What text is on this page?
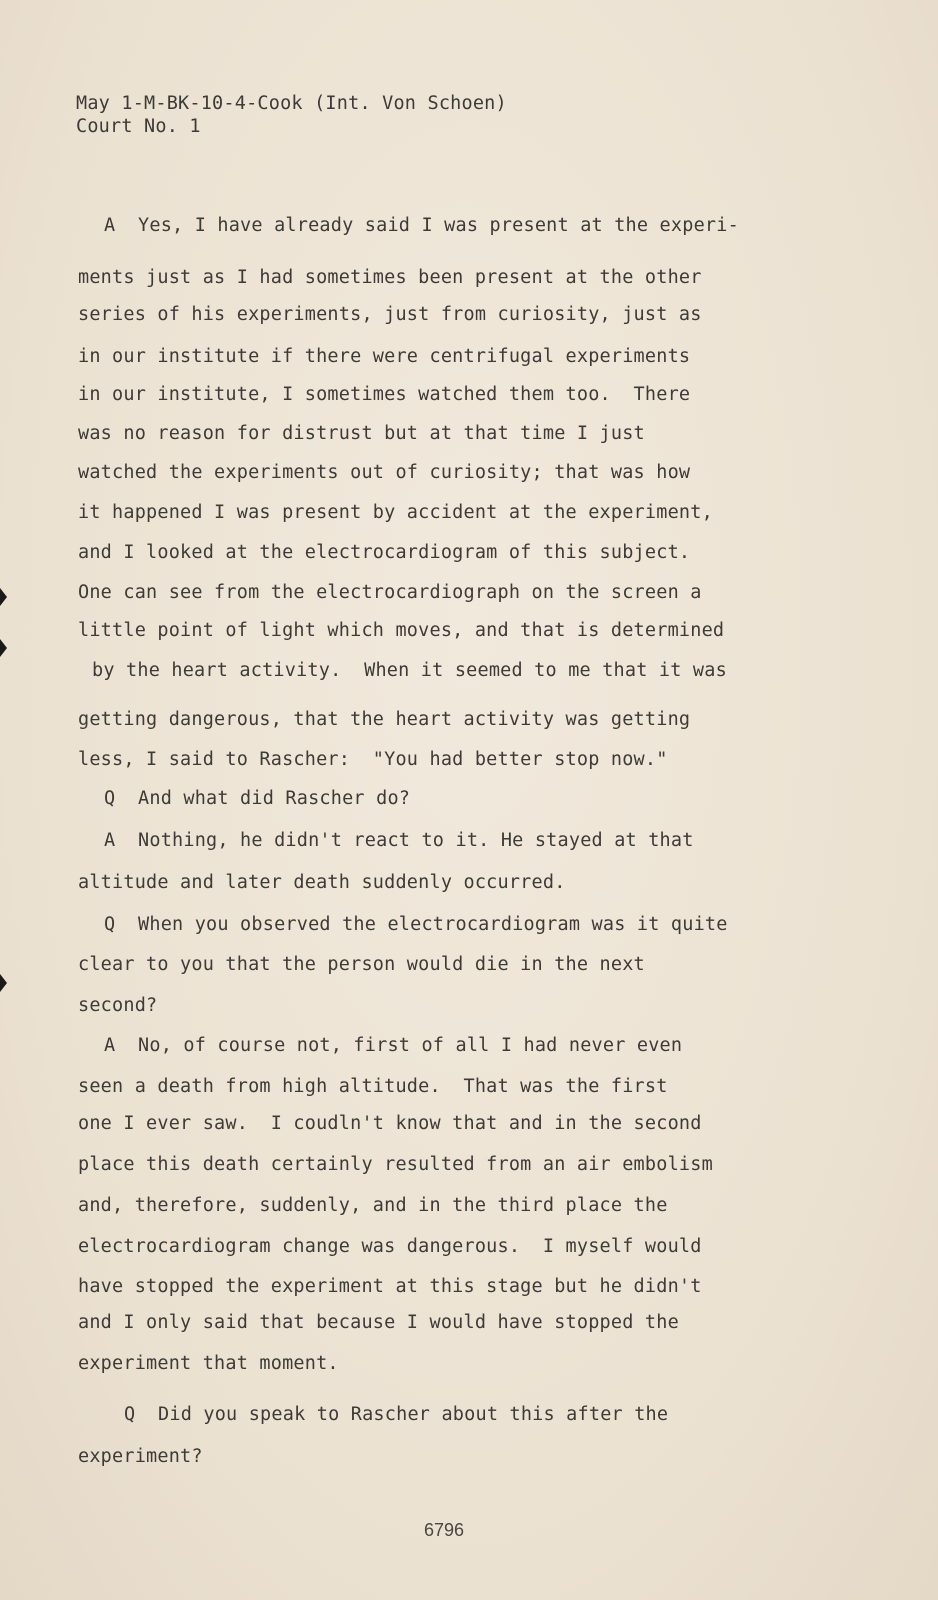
May 1-M-BK-10-4-Cook (Int. Von Schoen)
Court No. 1
A  Yes, I have already said I was present at the experi-
ments just as I had sometimes been present at the other
series of his experiments, just from curiosity, just as
in our institute if there were centrifugal experiments
in our institute, I sometimes watched them too.  There
was no reason for distrust but at that time I just
watched the experiments out of curiosity; that was how
it happened I was present by accident at the experiment,
and I looked at the electrocardiogram of this subject.
One can see from the electrocardiograph on the screen a
little point of light which moves, and that is determined
by the heart activity.  When it seemed to me that it was
getting dangerous, that the heart activity was getting
less, I said to Rascher:  "You had better stop now."
Q  And what did Rascher do?
A  Nothing, he didn't react to it. He stayed at that
altitude and later death suddenly occurred.
Q  When you observed the electrocardiogram was it quite
clear to you that the person would die in the next
second?
A  No, of course not, first of all I had never even
seen a death from high altitude.  That was the first
one I ever saw.  I coudln't know that and in the second
place this death certainly resulted from an air embolism
and, therefore, suddenly, and in the third place the
electrocardiogram change was dangerous.  I myself would
have stopped the experiment at this stage but he didn't
and I only said that because I would have stopped the
experiment that moment.
Q  Did you speak to Rascher about this after the
experiment?
6796
